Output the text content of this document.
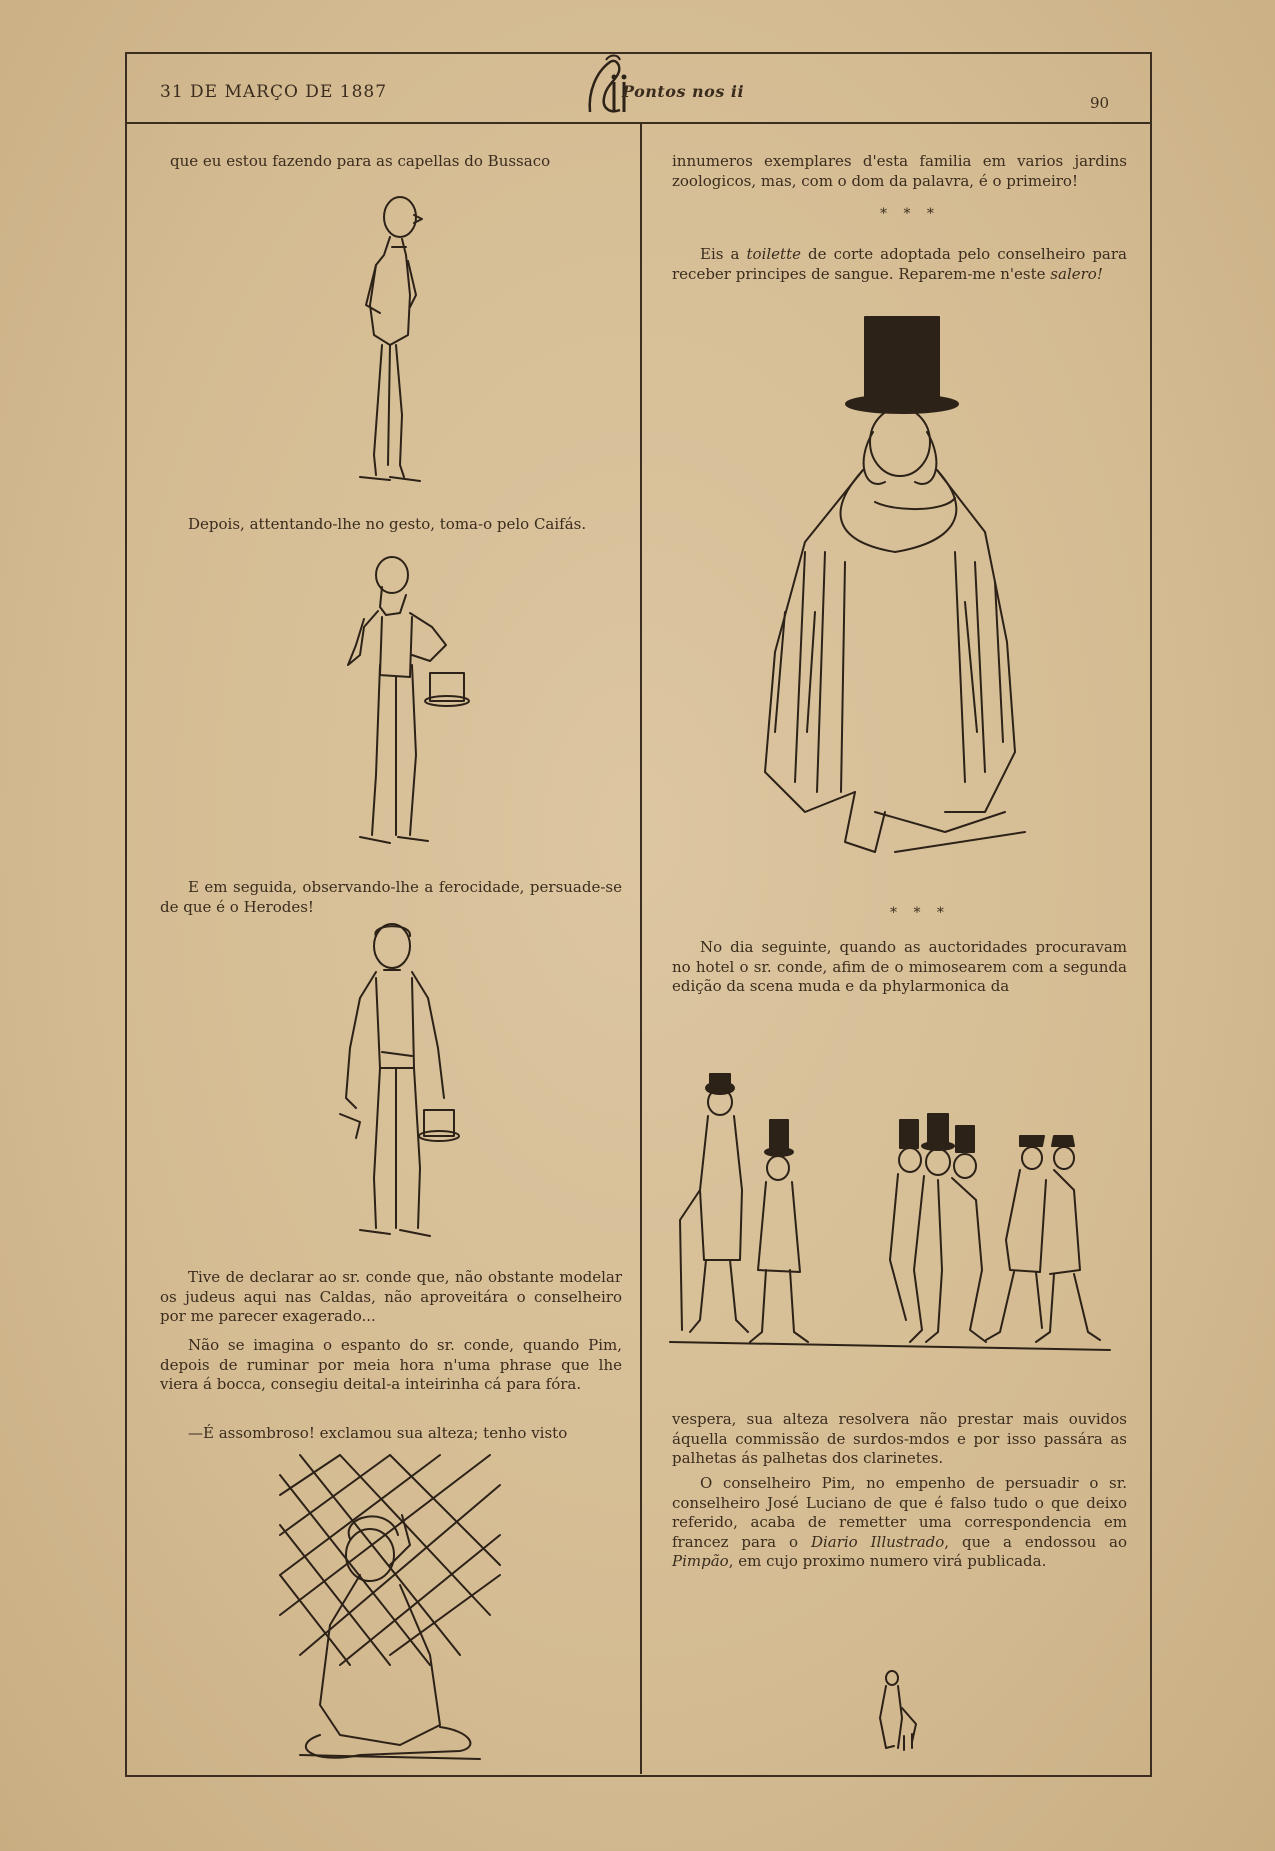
31 DE MARÇO DE 1887	Pontos nos ii
90

que eu estou fazendo para as capellas do Bussaco

Depois, attentando-lhe no gesto, toma-o pelo Caifás.

E em seguida, observando-lhe a ferocidade, persuade-se de que é o Herodes!

Tive de declarar ao sr. conde que, não obstante modelar os judeus aqui nas Caldas, não aproveitára o conselheiro por me parecer exagerado...

Não se imagina o espanto do sr. conde, quando Pim, depois de ruminar por meia hora n'uma phrase que lhe viera á bocca, consegiu deital-a inteirinha cá para fóra.

—É assombroso! exclamou sua alteza; tenho visto

innumeros exemplares d'esta familia em varios jardins zoologicos, mas, com o dom da palavra, é o primeiro!

* * *

Eis a toilette de corte adoptada pelo conselheiro para receber principes de sangue. Reparem-me n'este salero!

* * *

No dia seguinte, quando as auctoridades procuravam no hotel o sr. conde, afim de o mimosearem com a segunda edição da scena muda e da phylarmonica da

vespera, sua alteza resolvera não prestar mais ouvidos áquella commissão de surdos-mdos e por isso passára as palhetas ás palhetas dos clarinetes.

O conselheiro Pim, no empenho de persuadir o sr. conselheiro José Luciano de que é falso tudo o que deixo referido, acaba de remetter uma correspondencia em francez para o Diario Illustrado, que a endossou ao Pimpão, em cujo proximo numero virá publicada.
